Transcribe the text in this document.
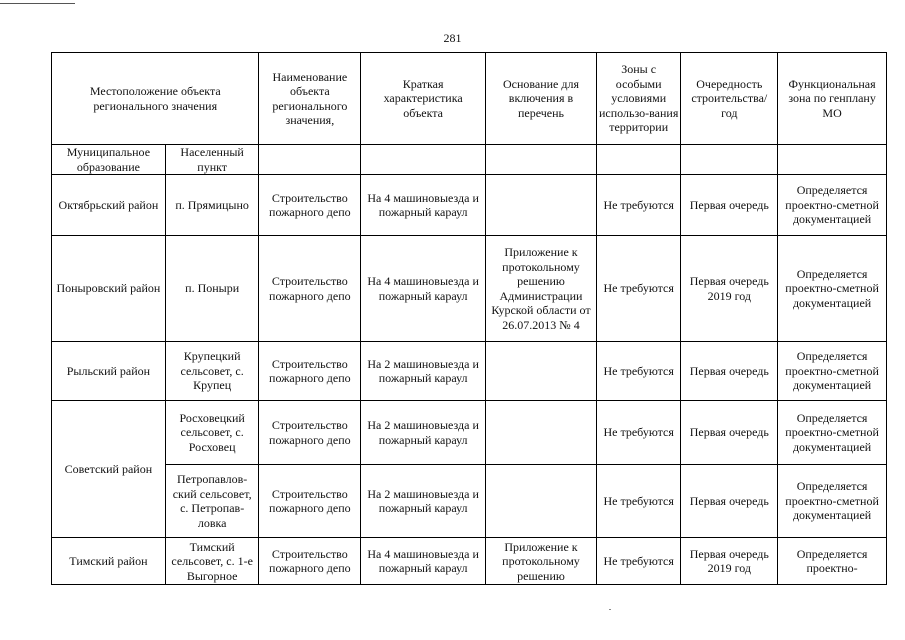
281
Местоположение объекта регионального значения		Наименование объекта регионального значения,	Краткая характеристика объекта	Основание для включения в перечень	Зоны с особыми условиями использо-вания территории	Очередность строительства/ год	Функциональная зона по генплану МО
Муниципальное образование	Населенный пункт						
Октябрьский район	п. Прямицыно	Строительство пожарного депо	На 4 машиновыезда и пожарный караул		Не требуются	Первая очередь	Определяется проектно-сметной документацией
Поныровский район	п. Поныри	Строительство пожарного депо	На 4 машиновыезда и пожарный караул	Приложение к протокольному решению Администрации Курской области от 26.07.2013 № 4	Не требуются	Первая очередь 2019 год	Определяется проектно-сметной документацией
Рыльский район	Крупецкий сельсовет, с. Крупец	Строительство пожарного депо	На 2 машиновыезда и пожарный караул		Не требуются	Первая очередь	Определяется проектно-сметной документацией
Советский район	Росховецкий сельсовет, с. Росховец	Строительство пожарного депо	На 2 машиновыезда и пожарный караул		Не требуются	Первая очередь	Определяется проектно-сметной документацией
	Петропавлов-ский сельсовет, с. Петропав-ловка	Строительство пожарного депо	На 2 машиновыезда и пожарный караул		Не требуются	Первая очередь	Определяется проектно-сметной документацией
Тимский район	Тимский сельсовет, с. 1-е Выгорное	Строительство пожарного депо	На 4 машиновыезда и пожарный караул	Приложение к протокольному решению	Не требуются	Первая очередь 2019 год	Определяется проектно-
